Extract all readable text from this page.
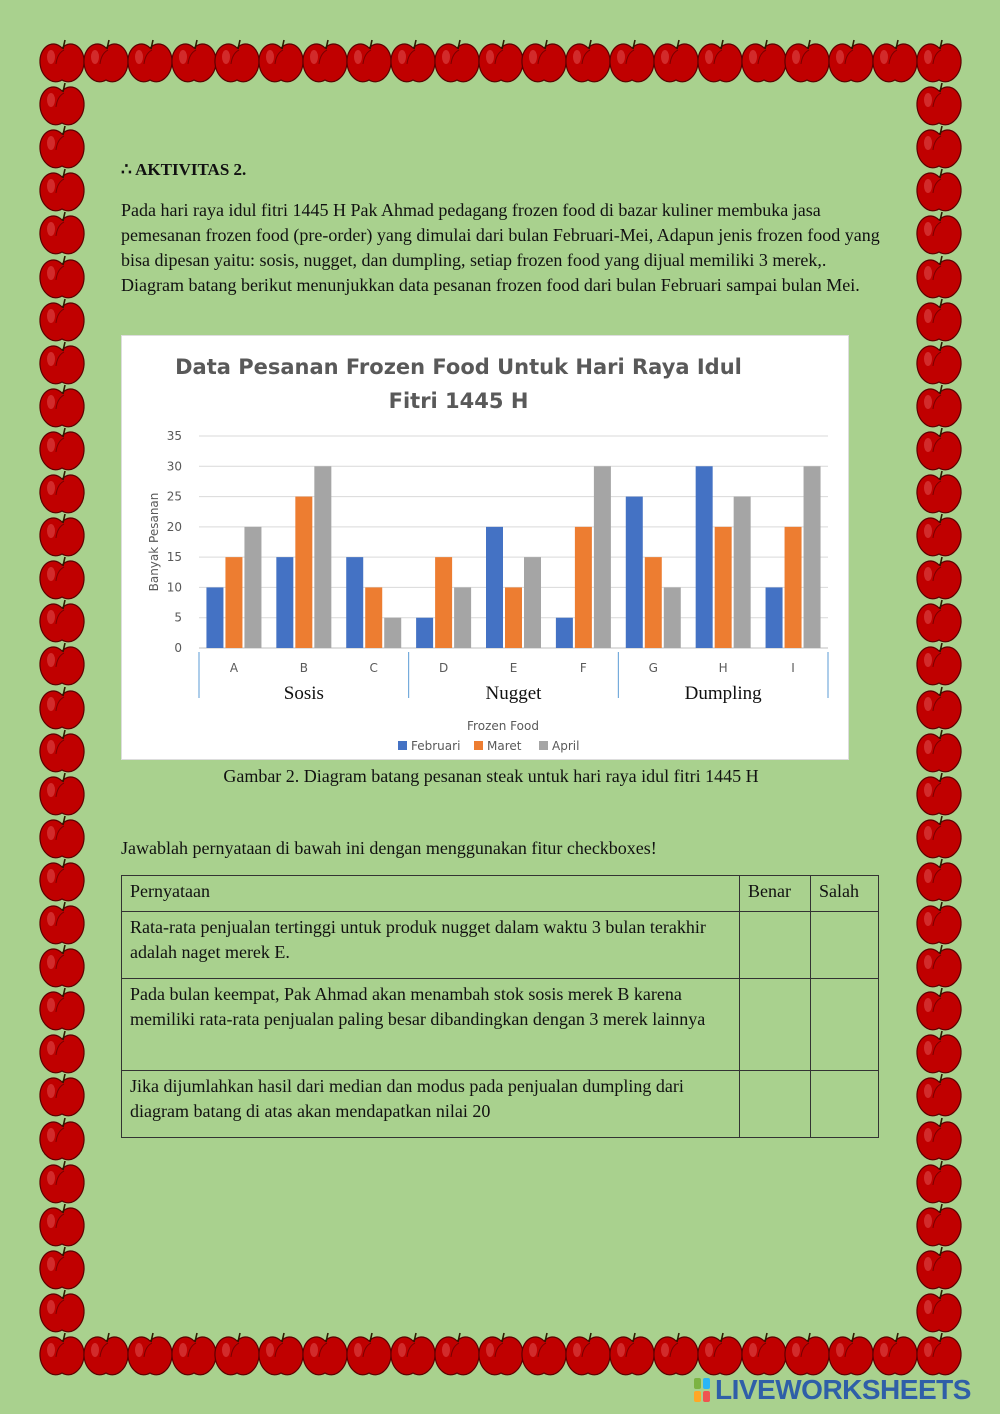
∴ AKTIVITAS 2.
Pada hari raya idul fitri 1445 H Pak Ahmad pedagang frozen food di bazar kuliner membuka jasa pemesanan frozen food (pre-order) yang dimulai dari bulan Februari-Mei, Adapun jenis frozen food yang bisa dipesan yaitu: sosis, nugget, dan dumpling, setiap frozen food yang dijual memiliki 3 merek,. Diagram batang berikut menunjukkan data pesanan frozen food dari bulan Februari sampai bulan Mei.
Data Pesanan Frozen Food Untuk Hari Raya Idul
Fitri 1445 H
0
5
10
15
20
25
30
35
Banyak Pesanan
A	B	C	D	E	F	G	H	I
Sosis	Nugget	Dumpling
Frozen Food
Februari Maret	April
Gambar 2. Diagram batang pesanan steak untuk hari raya idul fitri 1445 H
Jawablah pernyataan di bawah ini dengan menggunakan fitur checkboxes!
Pernyataan	Benar	Salah
Rata-rata penjualan tertinggi untuk produk nugget dalam waktu 3 bulan terakhir adalah naget merek E.	

Pada bulan keempat, Pak Ahmad akan menambah stok sosis merek B karena memiliki rata-rata penjualan paling besar dibandingkan dengan 3 merek lainnya	

Jika dijumlahkan hasil dari median dan modus pada penjualan dumpling dari diagram batang di atas akan mendapatkan nilai 20	

LIVEWORKSHEETS
